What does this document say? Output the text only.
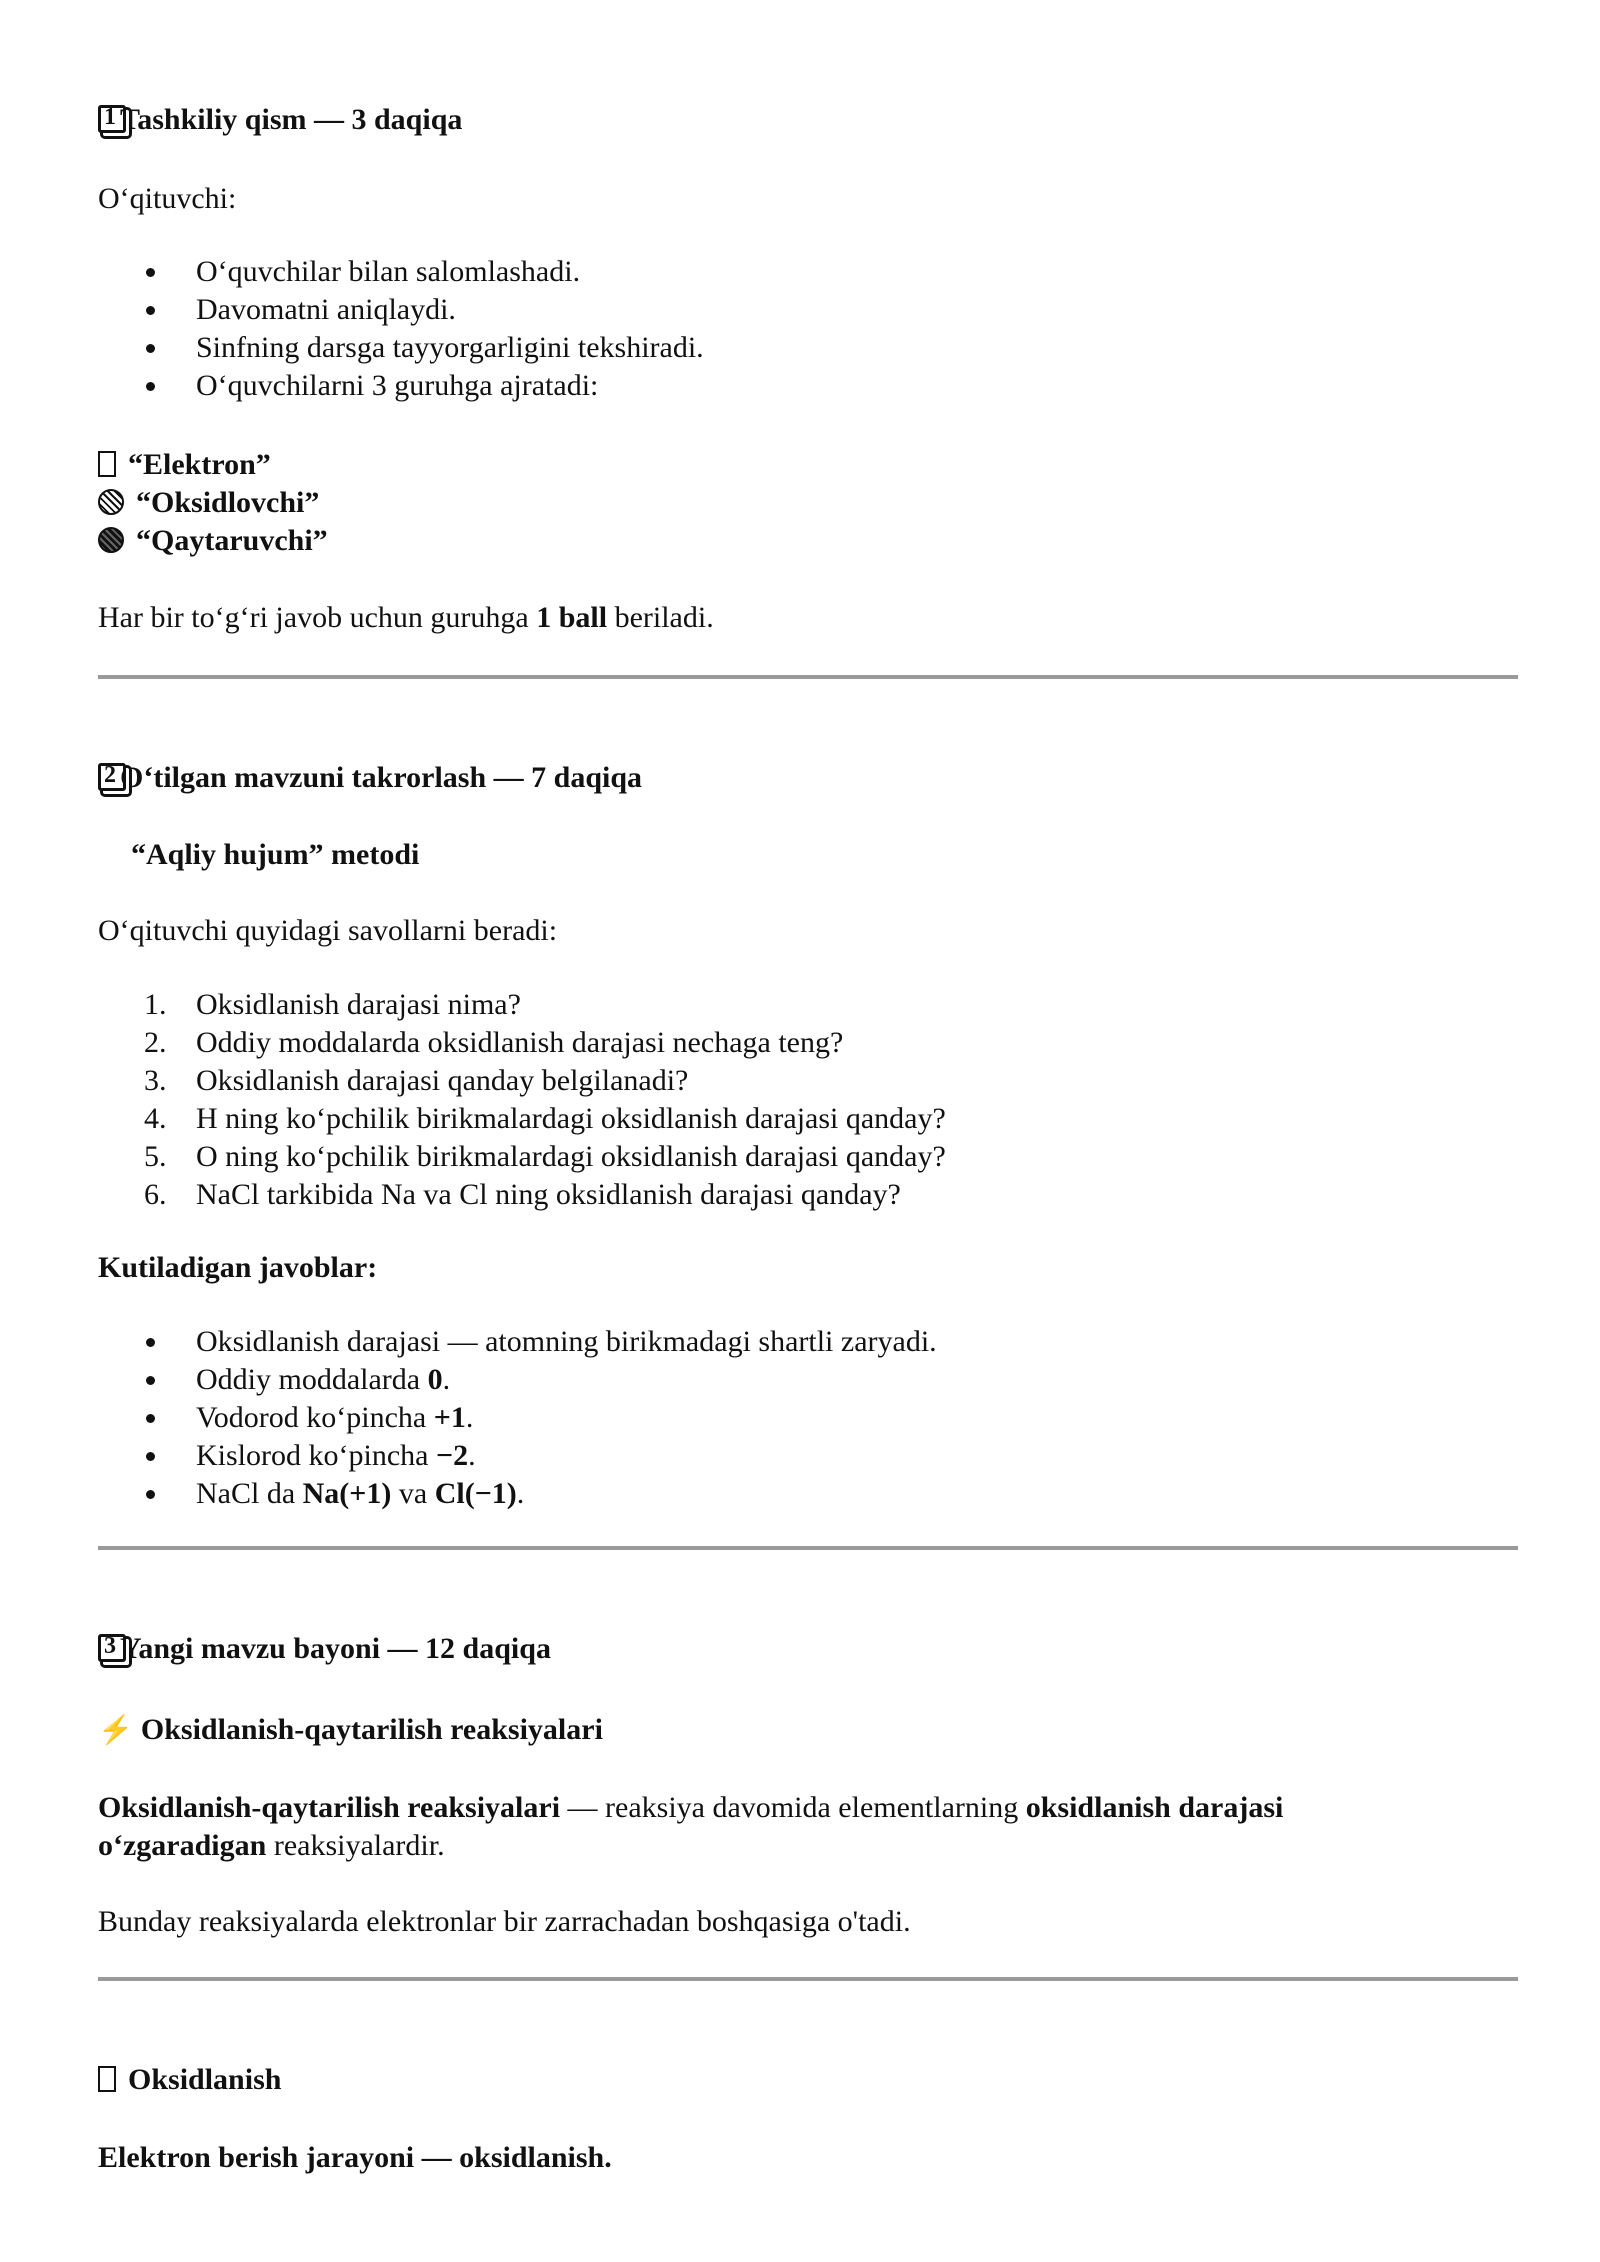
1 Tashkiliy qism — 3 daqiqa
O‘qituvchi:
O‘quvchilar bilan salomlashadi.
Davomatni aniqlaydi.
Sinfning darsga tayyorgarligini tekshiradi.
O‘quvchilarni 3 guruhga ajratadi:
“Elektron”
“Oksidlovchi”
“Qaytaruvchi”
Har bir to‘g‘ri javob uchun guruhga 1 ball beriladi.
2 O‘tilgan mavzuni takrorlash — 7 daqiqa
“Aqliy hujum” metodi
O‘qituvchi quyidagi savollarni beradi:
1. Oksidlanish darajasi nima?
2. Oddiy moddalarda oksidlanish darajasi nechaga teng?
3. Oksidlanish darajasi qanday belgilanadi?
4. H ning ko‘pchilik birikmalardagi oksidlanish darajasi qanday?
5. O ning ko‘pchilik birikmalardagi oksidlanish darajasi qanday?
6. NaCl tarkibida Na va Cl ning oksidlanish darajasi qanday?
Kutiladigan javoblar:
Oksidlanish darajasi — atomning birikmadagi shartli zaryadi.
Oddiy moddalarda 0.
Vodorod ko‘pincha +1.
Kislorod ko‘pincha −2.
NaCl da Na(+1) va Cl(−1).
3 Yangi mavzu bayoni — 12 daqiqa
⚡ Oksidlanish-qaytarilish reaksiyalari
Oksidlanish-qaytarilish reaksiyalari — reaksiya davomida elementlarning oksidlanish darajasi
o‘zgaradigan reaksiyalardir.
Bunday reaksiyalarda elektronlar bir zarrachadan boshqasiga o'tadi.
Oksidlanish
Elektron berish jarayoni — oksidlanish.
